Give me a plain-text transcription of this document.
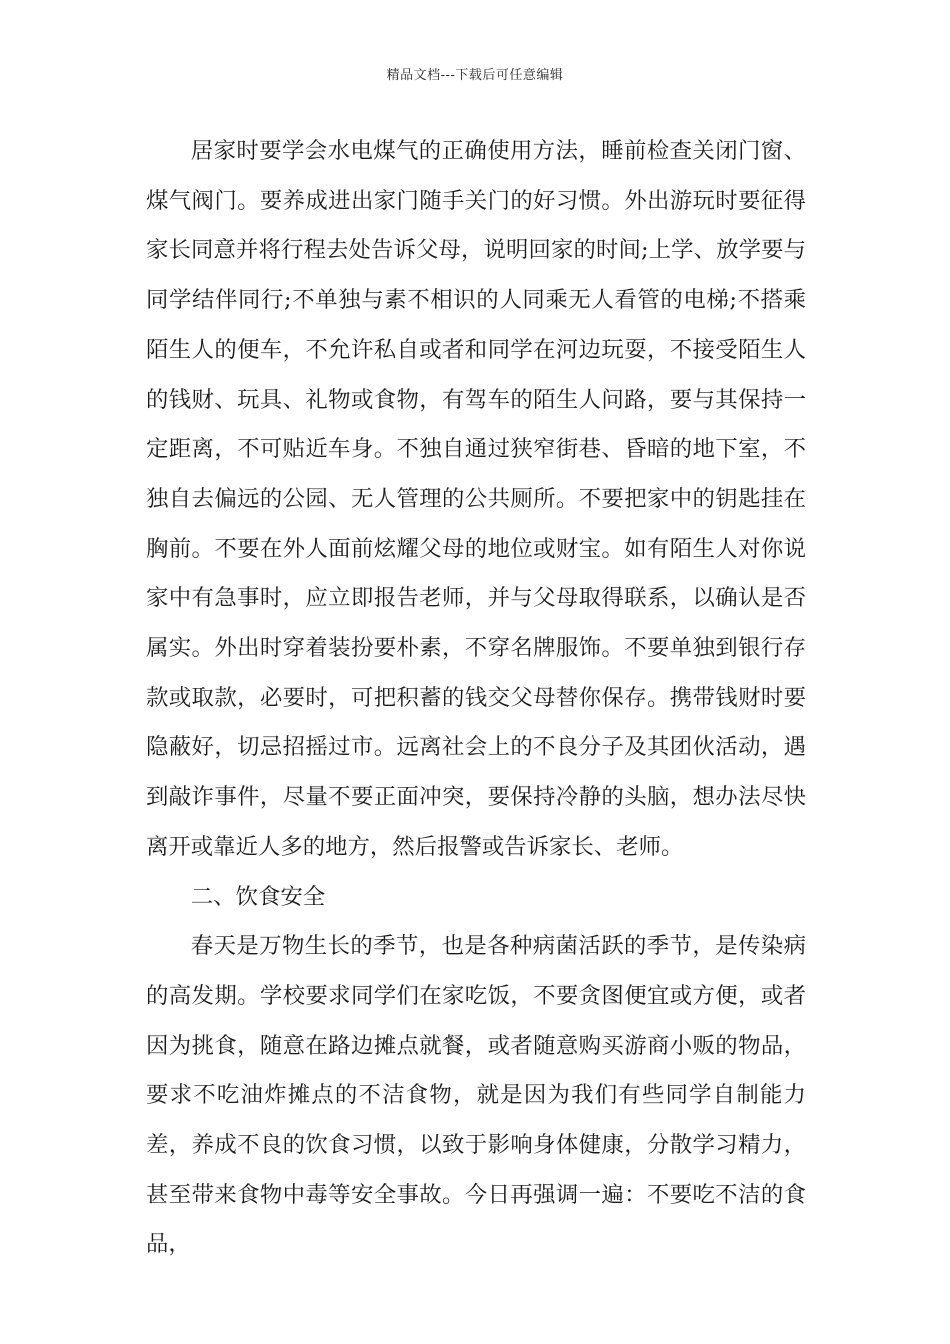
精品文档---下载后可任意编辑

居家时要学会水电煤气的正确使用方法，睡前检查关闭门窗、煤气阀门。要养成进出家门随手关门的好习惯。外出游玩时要征得家长同意并将行程去处告诉父母，说明回家的时间;上学、放学要与同学结伴同行;不单独与素不相识的人同乘无人看管的电梯;不搭乘陌生人的便车，不允许私自或者和同学在河边玩耍，不接受陌生人的钱财、玩具、礼物或食物，有驾车的陌生人问路，要与其保持一定距离，不可贴近车身。不独自通过狭窄街巷、昏暗的地下室，不独自去偏远的公园、无人管理的公共厕所。不要把家中的钥匙挂在胸前。不要在外人面前炫耀父母的地位或财宝。如有陌生人对你说家中有急事时，应立即报告老师，并与父母取得联系，以确认是否属实。外出时穿着装扮要朴素，不穿名牌服饰。不要单独到银行存款或取款，必要时，可把积蓄的钱交父母替你保存。携带钱财时要隐蔽好，切忌招摇过市。远离社会上的不良分子及其团伙活动，遇到敲诈事件，尽量不要正面冲突，要保持冷静的头脑，想办法尽快离开或靠近人多的地方，然后报警或告诉家长、老师。

二、饮食安全

春天是万物生长的季节，也是各种病菌活跃的季节，是传染病的高发期。学校要求同学们在家吃饭，不要贪图便宜或方便，或者因为挑食，随意在路边摊点就餐，或者随意购买游商小贩的物品，要求不吃油炸摊点的不洁食物，就是因为我们有些同学自制能力差，养成不良的饮食习惯，以致于影响身体健康，分散学习精力，甚至带来食物中毒等安全事故。今日再强调一遍：不要吃不洁的食品，
